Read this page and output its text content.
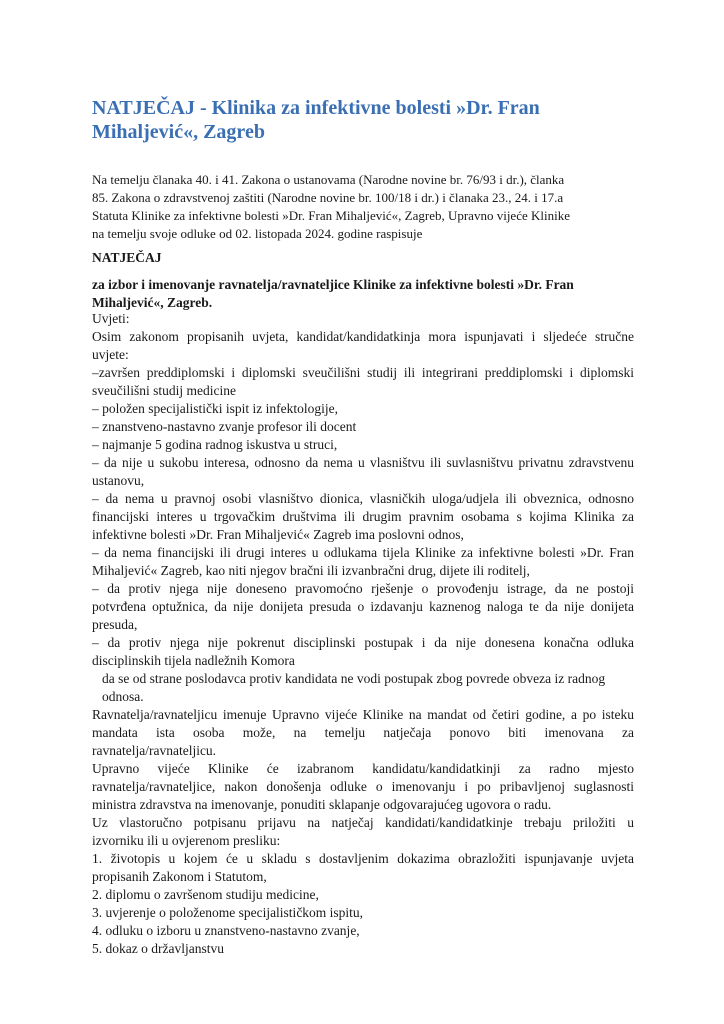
NATJEČAJ - Klinika za infektivne bolesti »Dr. Fran
Mihaljević«, Zagreb
Na temelju članaka 40. i 41. Zakona o ustanovama (Narodne novine br. 76/93 i dr.), članka
85. Zakona o zdravstvenoj zaštiti (Narodne novine br. 100/18 i dr.) i članaka 23., 24. i 17.a
Statuta Klinike za infektivne bolesti »Dr. Fran Mihaljević«, Zagreb, Upravno vijeće Klinike
na temelju svoje odluke od 02. listopada 2024. godine raspisuje
NATJEČAJ
za izbor i imenovanje ravnatelja/ravnateljice Klinike za infektivne bolesti »Dr. Fran
Mihaljević«, Zagreb.
Uvjeti:
Osim zakonom propisanih uvjeta, kandidat/kandidatkinja mora ispunjavati i sljedeće stručne
uvjete:
–završen preddiplomski i diplomski sveučilišni studij ili integrirani preddiplomski i diplomski
sveučilišni studij medicine
– položen specijalistički ispit iz infektologije,
– znanstveno-nastavno zvanje profesor ili docent
– najmanje 5 godina radnog iskustva u struci,
– da nije u sukobu interesa, odnosno da nema u vlasništvu ili suvlasništvu privatnu zdravstvenu
ustanovu,
– da nema u pravnoj osobi vlasništvo dionica, vlasničkih uloga/udjela ili obveznica, odnosno
financijski interes u trgovačkim društvima ili drugim pravnim osobama s kojima Klinika za
infektivne bolesti »Dr. Fran Mihaljević« Zagreb ima poslovni odnos,
– da nema financijski ili drugi interes u odlukama tijela Klinike za infektivne bolesti »Dr. Fran
Mihaljević« Zagreb, kao niti njegov bračni ili izvanbračni drug, dijete ili roditelj,
– da protiv njega nije doneseno pravomoćno rješenje o provođenju istrage, da ne postoji
potvrđena optužnica, da nije donijeta presuda o izdavanju kaznenog naloga te da nije donijeta
presuda,
– da protiv njega nije pokrenut disciplinski postupak i da nije donesena konačna odluka
disciplinskih tijela nadležnih Komora
da se od strane poslodavca protiv kandidata ne vodi postupak zbog povrede obveza iz radnog
odnosa.
Ravnatelja/ravnateljicu imenuje Upravno vijeće Klinike na mandat od četiri godine, a po isteku
mandata ista osoba može, na temelju natječaja ponovo biti imenovana za
ravnatelja/ravnateljicu.
Upravno vijeće Klinike će izabranom kandidatu/kandidatkinji za radno mjesto
ravnatelja/ravnateljice, nakon donošenja odluke o imenovanju i po pribavljenoj suglasnosti
ministra zdravstva na imenovanje, ponuditi sklapanje odgovarajućeg ugovora o radu.
Uz vlastoručno potpisanu prijavu na natječaj kandidati/kandidatkinje trebaju priložiti u
izvorniku ili u ovjerenom presliku:
1. životopis u kojem će u skladu s dostavljenim dokazima obrazložiti ispunjavanje uvjeta
propisanih Zakonom i Statutom,
2. diplomu o završenom studiju medicine,
3. uvjerenje o položenome specijalističkom ispitu,
4. odluku o izboru u znanstveno-nastavno zvanje,
5. dokaz o državljanstvu
